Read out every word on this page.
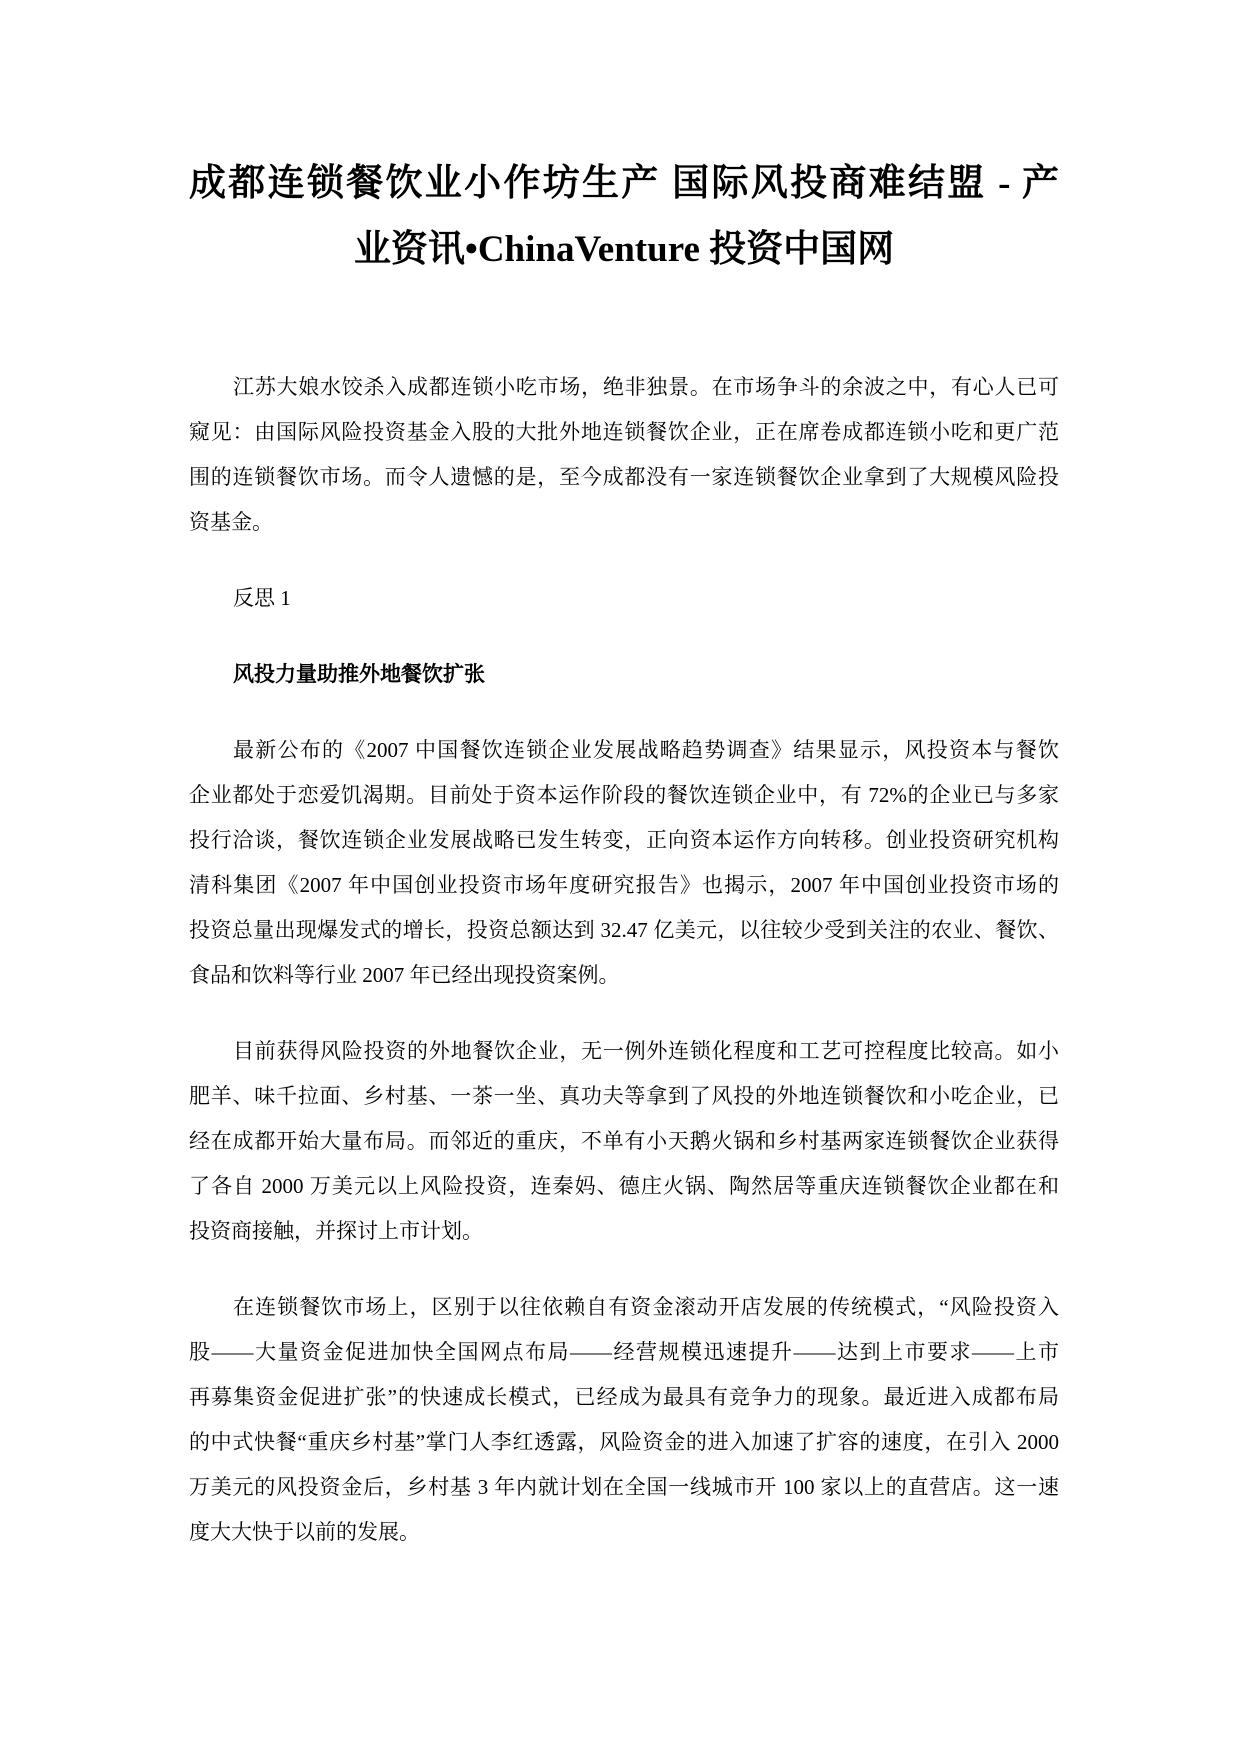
成都连锁餐饮业小作坊生产 国际风投商难结盟 - 产
业资讯•ChinaVenture 投资中国网
江苏大娘水饺杀入成都连锁小吃市场，绝非独景。在市场争斗的余波之中，有心人已可
窥见：由国际风险投资基金入股的大批外地连锁餐饮企业，正在席卷成都连锁小吃和更广范
围的连锁餐饮市场。而令人遗憾的是，至今成都没有一家连锁餐饮企业拿到了大规模风险投
资基金。
反思 1
风投力量助推外地餐饮扩张
最新公布的《2007 中国餐饮连锁企业发展战略趋势调查》结果显示，风投资本与餐饮
企业都处于恋爱饥渴期。目前处于资本运作阶段的餐饮连锁企业中，有 72%的企业已与多家
投行洽谈，餐饮连锁企业发展战略已发生转变，正向资本运作方向转移。创业投资研究机构
清科集团《2007 年中国创业投资市场年度研究报告》也揭示，2007 年中国创业投资市场的
投资总量出现爆发式的增长，投资总额达到 32.47 亿美元，以往较少受到关注的农业、餐饮、
食品和饮料等行业 2007 年已经出现投资案例。
目前获得风险投资的外地餐饮企业，无一例外连锁化程度和工艺可控程度比较高。如小
肥羊、味千拉面、乡村基、一茶一坐、真功夫等拿到了风投的外地连锁餐饮和小吃企业，已
经在成都开始大量布局。而邻近的重庆，不单有小天鹅火锅和乡村基两家连锁餐饮企业获得
了各自 2000 万美元以上风险投资，连秦妈、德庄火锅、陶然居等重庆连锁餐饮企业都在和
投资商接触，并探讨上市计划。
在连锁餐饮市场上，区别于以往依赖自有资金滚动开店发展的传统模式，“风险投资入
股——大量资金促进加快全国网点布局——经营规模迅速提升——达到上市要求——上市
再募集资金促进扩张”的快速成长模式，已经成为最具有竞争力的现象。最近进入成都布局
的中式快餐“重庆乡村基”掌门人李红透露，风险资金的进入加速了扩容的速度，在引入 2000
万美元的风投资金后，乡村基 3 年内就计划在全国一线城市开 100 家以上的直营店。这一速
度大大快于以前的发展。
